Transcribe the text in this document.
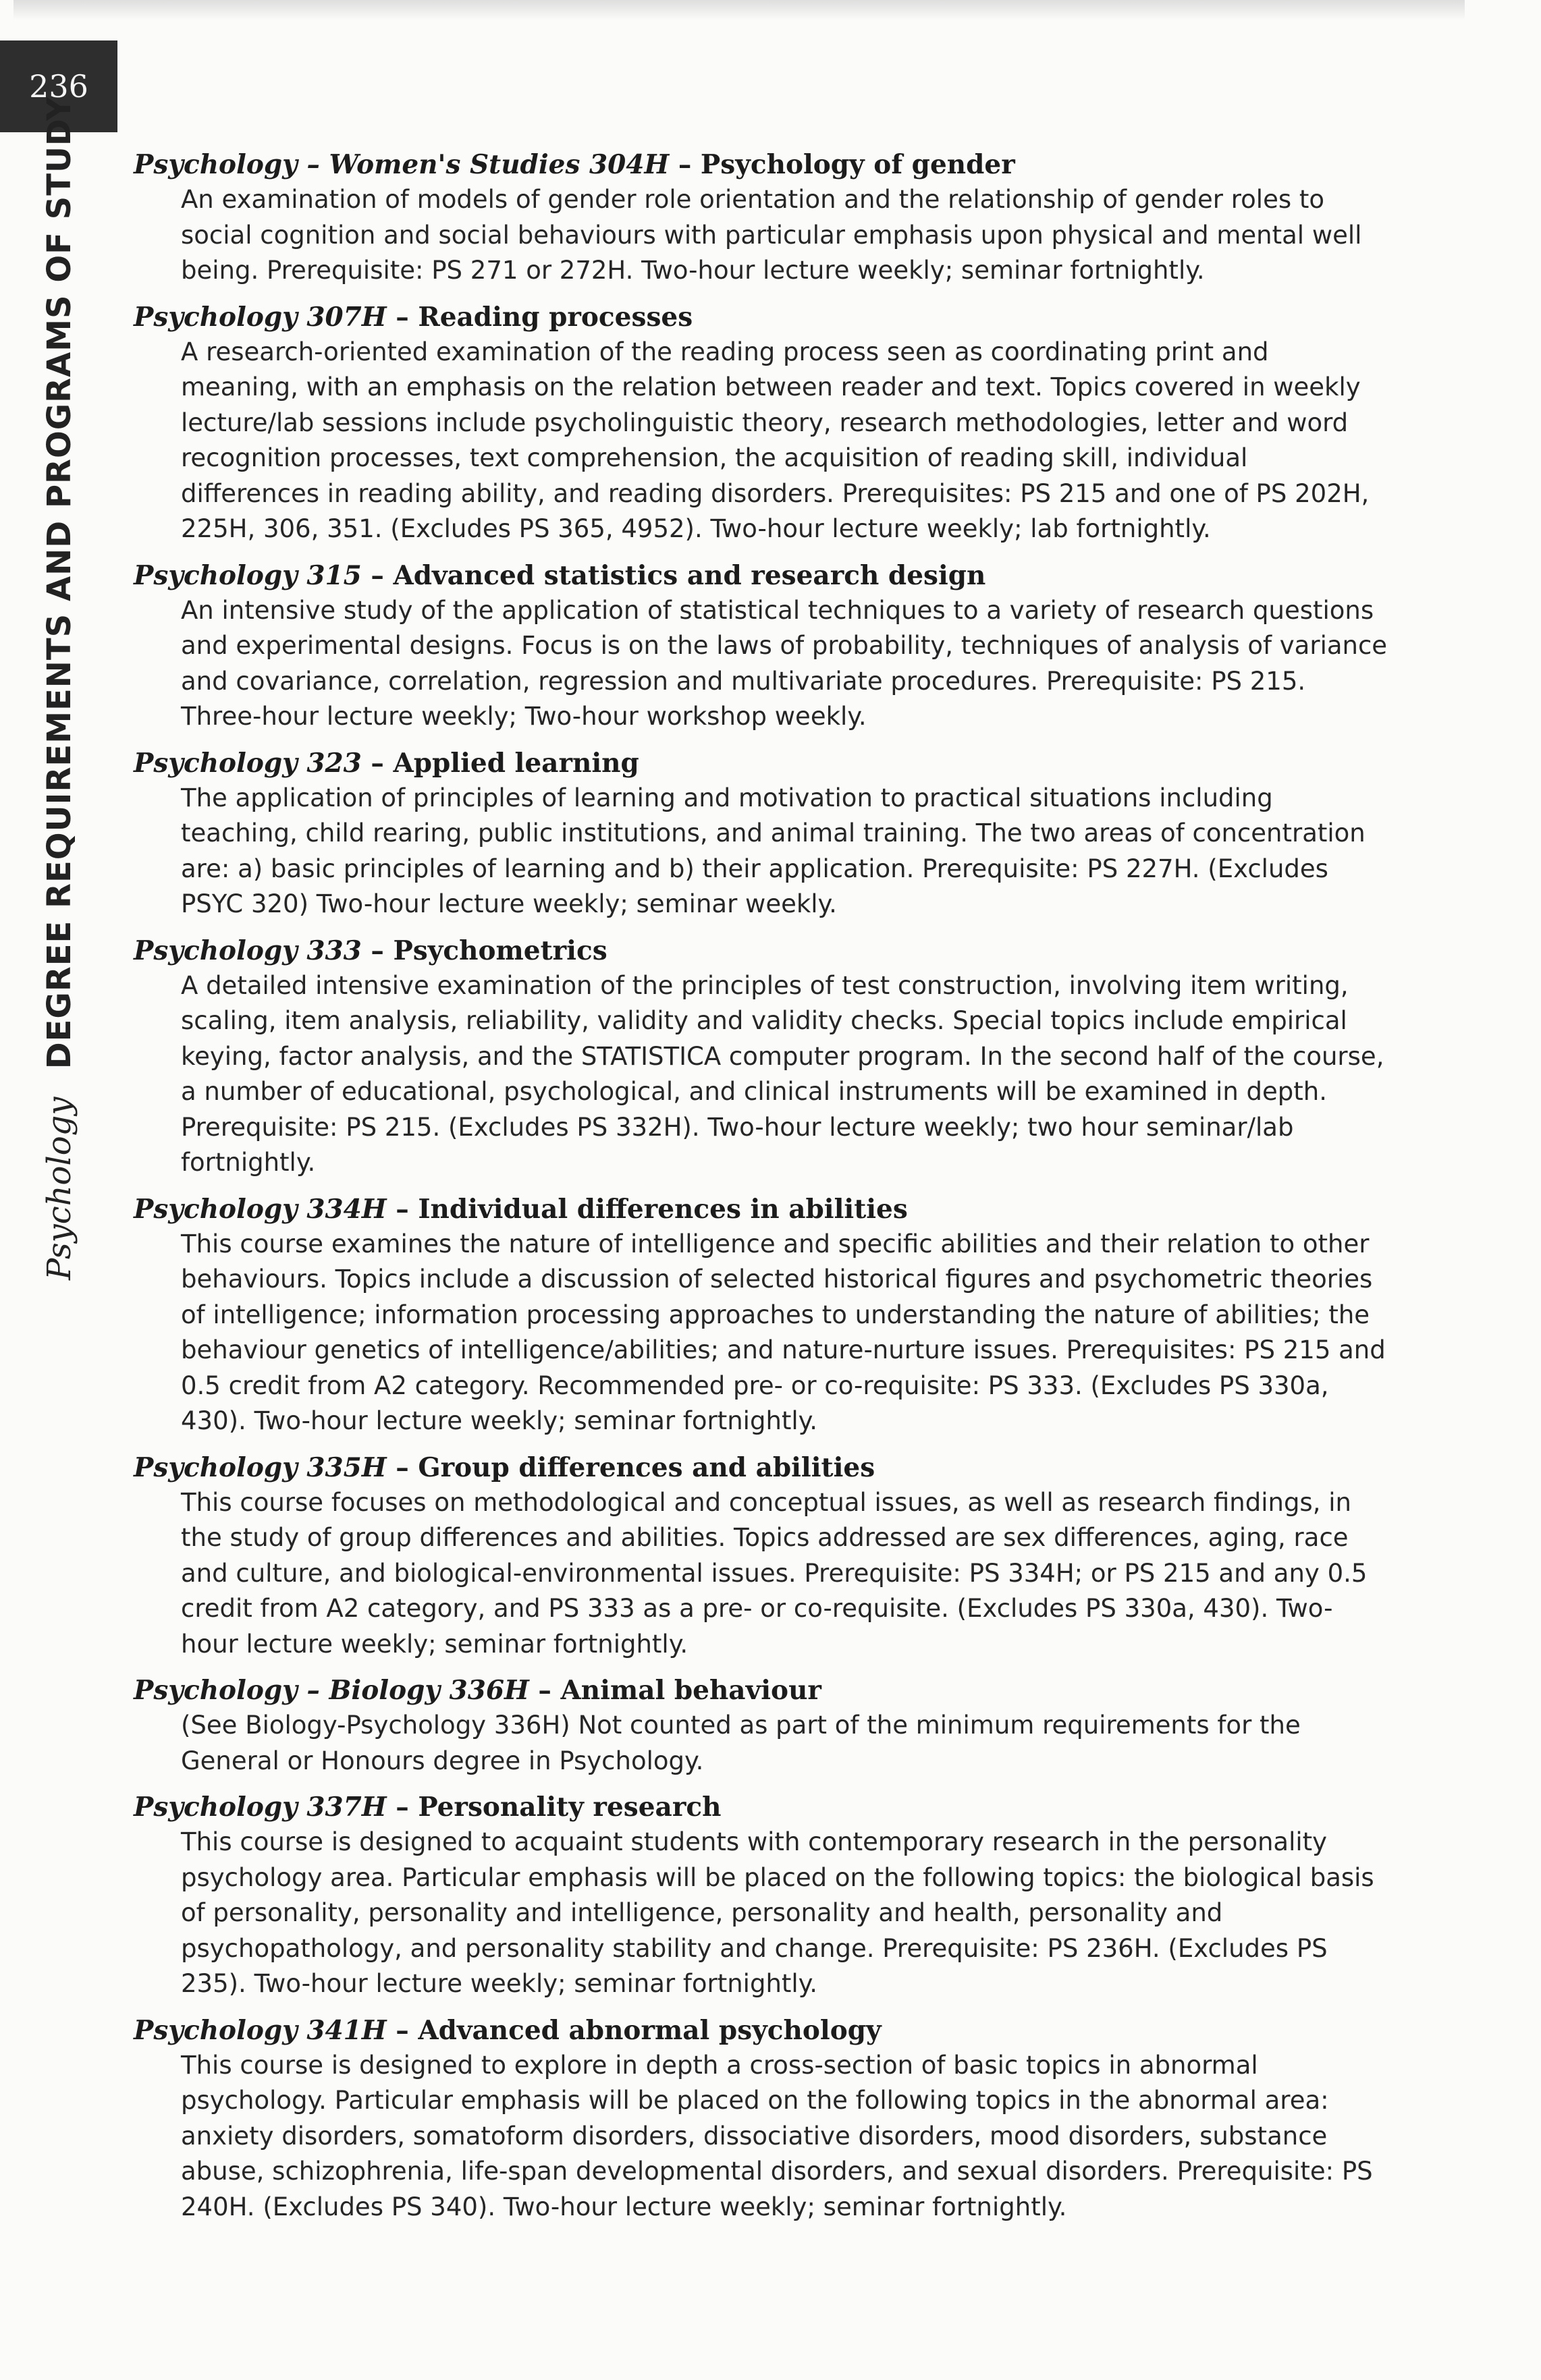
236
Psychology DEGREE REQUIREMENTS AND PROGRAMS OF STUDY Psychology – Women's Studies 304H – Psychology of gender
An examination of models of gender role orientation and the relationship of gender roles to social cognition and social behaviours with particular emphasis upon physical and mental well being. Prerequisite: PS 271 or 272H. Two-hour lecture weekly; seminar fortnightly.
Psychology 307H – Reading processes
A research-oriented examination of the reading process seen as coordinating print and meaning, with an emphasis on the relation between reader and text. Topics covered in weekly lecture/lab sessions include psycholinguistic theory, research methodologies, letter and word recognition processes, text comprehension, the acquisition of reading skill, individual differences in reading ability, and reading disorders. Prerequisites: PS 215 and one of PS 202H, 225H, 306, 351. (Excludes PS 365, 4952). Two-hour lecture weekly; lab fortnightly.
Psychology 315 – Advanced statistics and research design
An intensive study of the application of statistical techniques to a variety of research questions and experimental designs. Focus is on the laws of probability, techniques of analysis of variance and covariance, correlation, regression and multivariate procedures. Prerequisite: PS 215. Three-hour lecture weekly; Two-hour workshop weekly.
Psychology 323 – Applied learning
The application of principles of learning and motivation to practical situations including teaching, child rearing, public institutions, and animal training. The two areas of concentration are: a) basic principles of learning and b) their application. Prerequisite: PS 227H. (Excludes PSYC 320) Two-hour lecture weekly; seminar weekly.
Psychology 333 – Psychometrics
A detailed intensive examination of the principles of test construction, involving item writing, scaling, item analysis, reliability, validity and validity checks. Special topics include empirical keying, factor analysis, and the STATISTICA computer program. In the second half of the course, a number of educational, psychological, and clinical instruments will be examined in depth. Prerequisite: PS 215. (Excludes PS 332H). Two-hour lecture weekly; two hour seminar/lab fortnightly.
Psychology 334H – Individual differences in abilities
This course examines the nature of intelligence and specific abilities and their relation to other behaviours. Topics include a discussion of selected historical figures and psychometric theories of intelligence; information processing approaches to understanding the nature of abilities; the behaviour genetics of intelligence/abilities; and nature-nurture issues. Prerequisites: PS 215 and 0.5 credit from A2 category. Recommended pre- or co-requisite: PS 333. (Excludes PS 330a, 430). Two-hour lecture weekly; seminar fortnightly.
Psychology 335H – Group differences and abilities
This course focuses on methodological and conceptual issues, as well as research findings, in the study of group differences and abilities. Topics addressed are sex differences, aging, race and culture, and biological-environmental issues. Prerequisite: PS 334H; or PS 215 and any 0.5 credit from A2 category, and PS 333 as a pre- or co-requisite. (Excludes PS 330a, 430). Two-hour lecture weekly; seminar fortnightly.
Psychology – Biology 336H – Animal behaviour
(See Biology-Psychology 336H) Not counted as part of the minimum requirements for the General or Honours degree in Psychology.
Psychology 337H – Personality research
This course is designed to acquaint students with contemporary research in the personality psychology area. Particular emphasis will be placed on the following topics: the biological basis of personality, personality and intelligence, personality and health, personality and psychopathology, and personality stability and change. Prerequisite: PS 236H. (Excludes PS 235). Two-hour lecture weekly; seminar fortnightly.
Psychology 341H – Advanced abnormal psychology
This course is designed to explore in depth a cross-section of basic topics in abnormal psychology. Particular emphasis will be placed on the following topics in the abnormal area: anxiety disorders, somatoform disorders, dissociative disorders, mood disorders, substance abuse, schizophrenia, life-span developmental disorders, and sexual disorders. Prerequisite: PS 240H. (Excludes PS 340). Two-hour lecture weekly; seminar fortnightly.
